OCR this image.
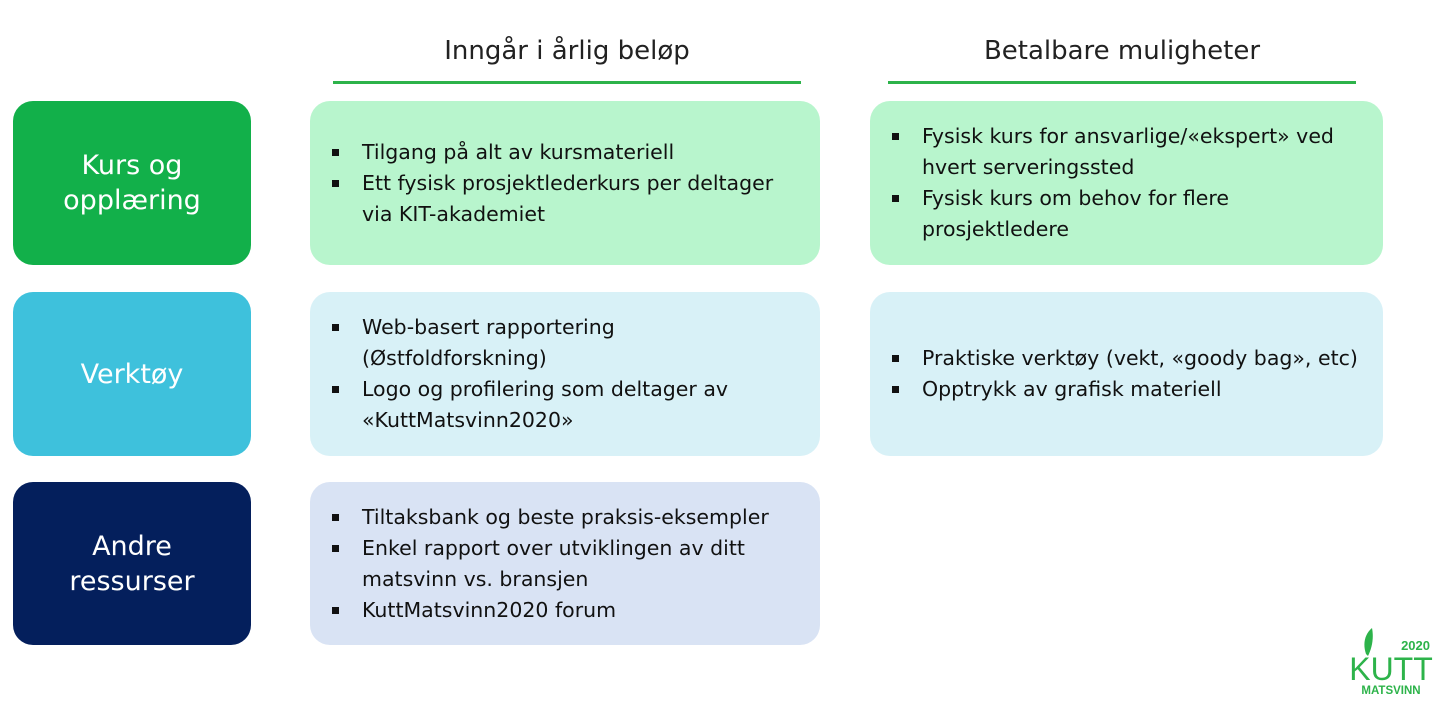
Inngår i årlig beløp	Betalbare muligheter
Kurs og
opplæring
Tilgang på alt av kursmateriell
Ett fysisk prosjektlederkurs per deltager via KIT-akademiet
Fysisk kurs for ansvarlige/«ekspert» ved hvert serveringssted
Fysisk kurs om behov for flere prosjektledere
Verktøy
Web-basert rapportering (Østfoldforskning)
Logo og profilering som deltager av «KuttMatsvinn2020»
Praktiske verktøy (vekt, «goody bag», etc)
Opptrykk av grafisk materiell
Andre
ressurser
Tiltaksbank og beste praksis-eksempler
Enkel rapport over utviklingen av ditt matsvinn vs. bransjen
KuttMatsvinn2020 forum
2020
KUTT
MATSVINN
